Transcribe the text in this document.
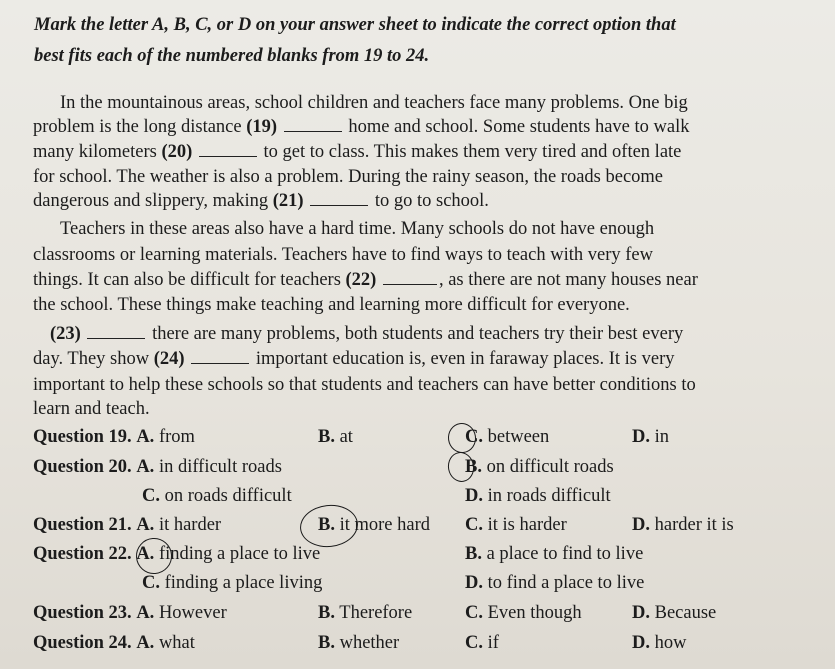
Mark the letter A, B, C, or D on your answer sheet to indicate the correct option that
best fits each of the numbered blanks from 19 to 24.
In the mountainous areas, school children and teachers face many problems. One big
problem is the long distance (19)	home and school. Some students have to walk
many kilometers (20)	to get to class. This makes them very tired and often late
for school. The weather is also a problem. During the rainy season, the roads become
dangerous and slippery, making (21)	to go to school.
Teachers in these areas also have a hard time. Many schools do not have enough
classrooms or learning materials. Teachers have to find ways to teach with very few
things. It can also be difficult for teachers (22)	, as there are not many houses near
the school. These things make teaching and learning more difficult for everyone.
(23)	there are many problems, both students and teachers try their best every
day. They show (24)	important education is, even in faraway places. It is very
important to help these schools so that students and teachers can have better conditions to
learn and teach.
Question 19. A. from	B. at	C. between	D. in
Question 20. A. in difficult roads	B. on difficult roads
C. on roads difficult	D. in roads difficult
Question 21. A. it harder	B. it more hard C. it is harder	D. harder it is
Question 22. A. finding a place to live	B. a place to find to live
C. finding a place living	D. to find a place to live
Question 23. A. However	B. Therefore	C. Even though	D. Because
Question 24. A. what	B. whether	C. if	D. how
